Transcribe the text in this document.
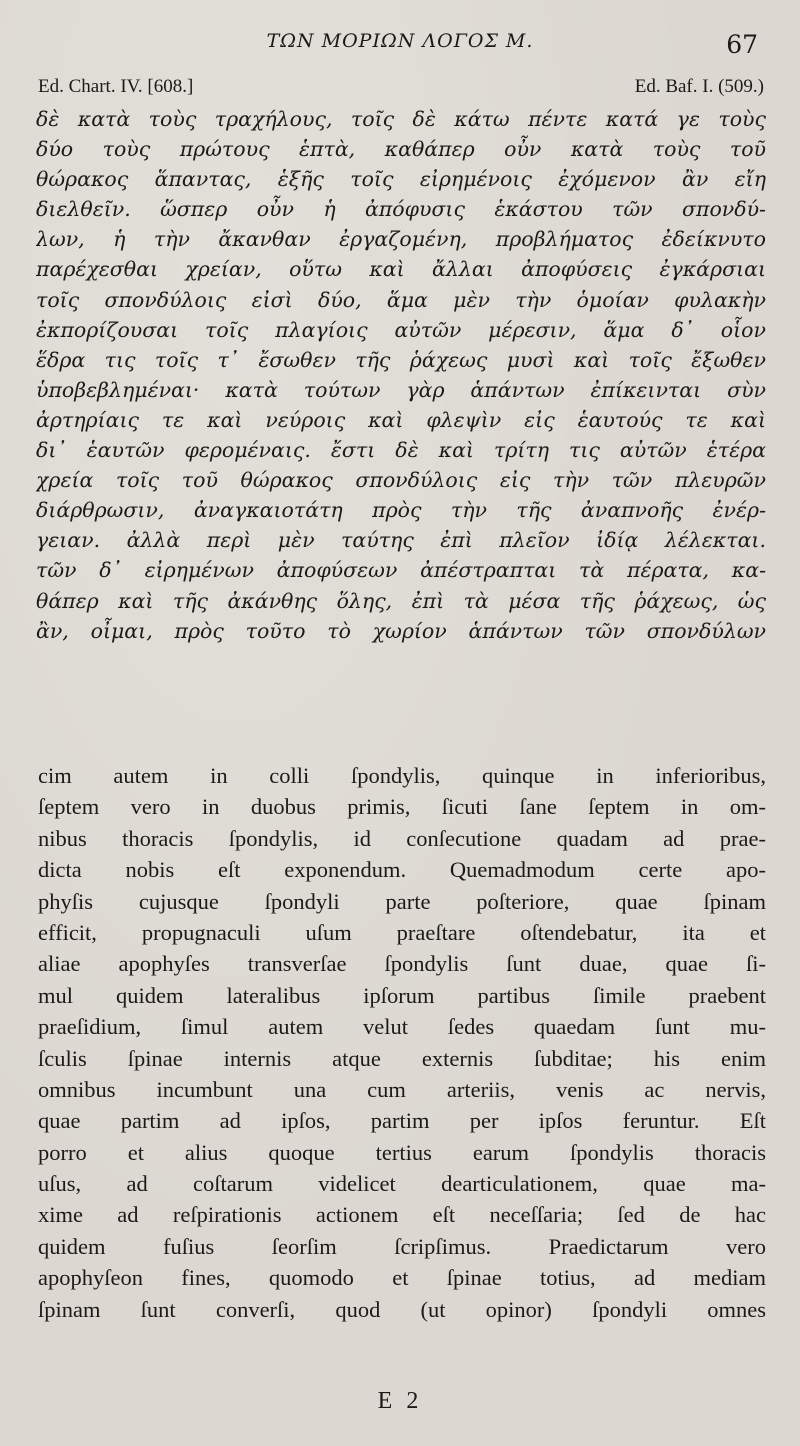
ΤΩΝ ΜΟΡΙΩΝ ΛΟΓΟΣ Μ.	67
Ed. Chart. IV. [608.]	Ed. Baf. I. (509.)
δὲ κατὰ τοὺς τραχήλους, τοῖς δὲ κάτω πέντε κατά γε τοὺς
δύο τοὺς πρώτους ἑπτὰ, καθάπερ οὖν κατὰ τοὺς τοῦ
θώρακος ἅπαντας, ἑξῆς τοῖς εἰρημένοις ἐχόμενον ἂν εἴη
διελθεῖν. ὥσπερ οὖν ἡ ἀπόφυσις ἑκάστου τῶν σπονδύ-
λων, ἡ τὴν ἄκανθαν ἐργαζομένη, προβλήματος ἐδείκνυτο
παρέχεσθαι χρείαν, οὕτω καὶ ἄλλαι ἀποφύσεις ἐγκάρσιαι
τοῖς σπονδύλοις εἰσὶ δύο, ἅμα μὲν τὴν ὁμοίαν φυλακὴν
ἐκπορίζουσαι τοῖς πλαγίοις αὐτῶν μέρεσιν, ἅμα δ᾽ οἷον
ἕδρα τις τοῖς τ᾽ ἔσωθεν τῆς ῥάχεως μυσὶ καὶ τοῖς ἔξωθεν
ὑποβεβλημέναι· κατὰ τούτων γὰρ ἁπάντων ἐπίκεινται σὺν
ἀρτηρίαις τε καὶ νεύροις καὶ φλεψὶν εἰς ἑαυτούς τε καὶ
δι᾽ ἑαυτῶν φερομέναις. ἔστι δὲ καὶ τρίτη τις αὐτῶν ἑτέρα
χρεία τοῖς τοῦ θώρακος σπονδύλοις εἰς τὴν τῶν πλευρῶν
διάρθρωσιν, ἀναγκαιοτάτη πρὸς τὴν τῆς ἀναπνοῆς ἐνέρ-
γειαν. ἀλλὰ περὶ μὲν ταύτης ἐπὶ πλεῖον ἰδίᾳ λέλεκται.
τῶν δ᾽ εἰρημένων ἀποφύσεων ἀπέστραπται τὰ πέρατα, κα-
θάπερ καὶ τῆς ἀκάνθης ὅλης, ἐπὶ τὰ μέσα τῆς ῥάχεως, ὡς
ἂν, οἶμαι, πρὸς τοῦτο τὸ χωρίον ἁπάντων τῶν σπονδύλων
cim autem in colli ſpondylis, quinque in inferioribus,
ſeptem vero in duobus primis, ſicuti ſane ſeptem in om-
nibus thoracis ſpondylis, id conſecutione quadam ad prae-
dicta nobis eſt exponendum. Quemadmodum certe apo-
phyſis cujusque ſpondyli parte poſteriore, quae ſpinam
efficit, propugnaculi uſum praeſtare oſtendebatur, ita et
aliae apophyſes transverſae ſpondylis ſunt duae, quae ſi-
mul quidem lateralibus ipſorum partibus ſimile praebent
praeſidium, ſimul autem velut ſedes quaedam ſunt mu-
ſculis ſpinae internis atque externis ſubditae; his enim
omnibus incumbunt una cum arteriis, venis ac nervis,
quae partim ad ipſos, partim per ipſos feruntur. Eſt
porro et alius quoque tertius earum ſpondylis thoracis
uſus, ad coſtarum videlicet dearticulationem, quae ma-
xime ad reſpirationis actionem eſt neceſſaria; ſed de hac
quidem fuſius ſeorſim ſcripſimus. Praedictarum vero
apophyſeon fines, quomodo et ſpinae totius, ad mediam
ſpinam ſunt converſi, quod (ut opinor) ſpondyli omnes
E 2
